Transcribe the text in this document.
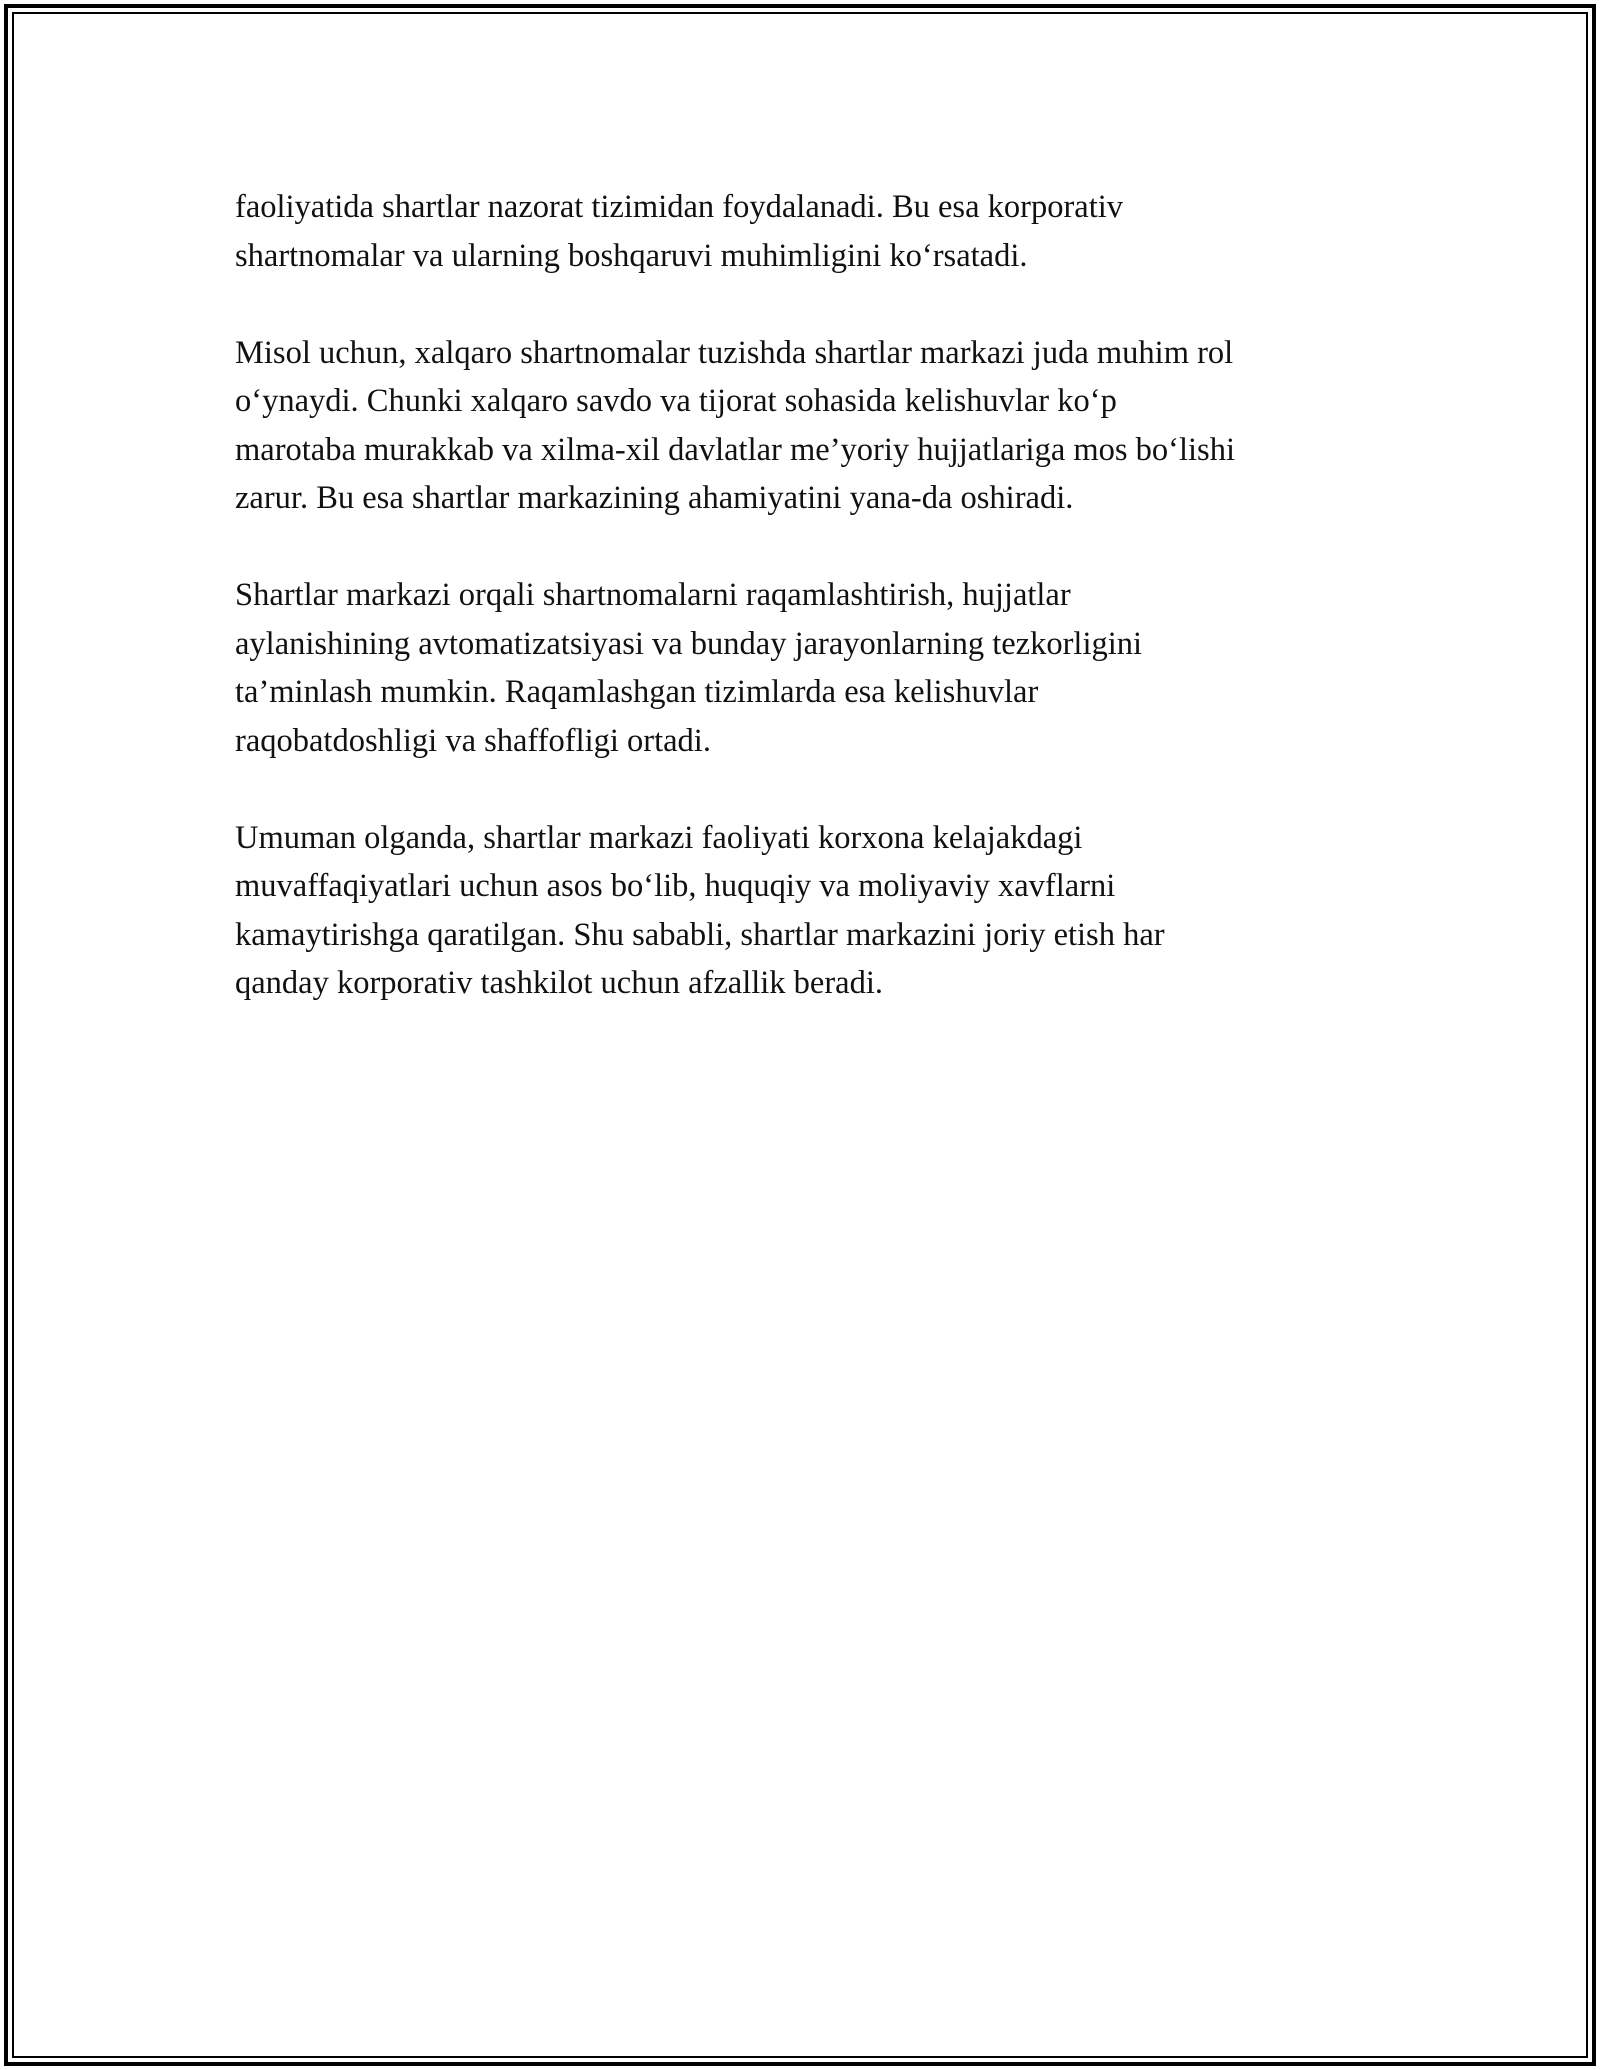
faoliyatida shartlar nazorat tizimidan foydalanadi. Bu esa korporativ
shartnomalar va ularning boshqaruvi muhimligini ko‘rsatadi.

Misol uchun, xalqaro shartnomalar tuzishda shartlar markazi juda muhim rol
o‘ynaydi. Chunki xalqaro savdo va tijorat sohasida kelishuvlar ko‘p
marotaba murakkab va xilma-xil davlatlar me’yoriy hujjatlariga mos bo‘lishi
zarur. Bu esa shartlar markazining ahamiyatini yana-da oshiradi.

Shartlar markazi orqali shartnomalarni raqamlashtirish, hujjatlar
aylanishining avtomatizatsiyasi va bunday jarayonlarning tezkorligini
ta’minlash mumkin. Raqamlashgan tizimlarda esa kelishuvlar
raqobatdoshligi va shaffofligi ortadi.

Umuman olganda, shartlar markazi faoliyati korxona kelajakdagi
muvaffaqiyatlari uchun asos bo‘lib, huquqiy va moliyaviy xavflarni
kamaytirishga qaratilgan. Shu sababli, shartlar markazini joriy etish har
qanday korporativ tashkilot uchun afzallik beradi.
